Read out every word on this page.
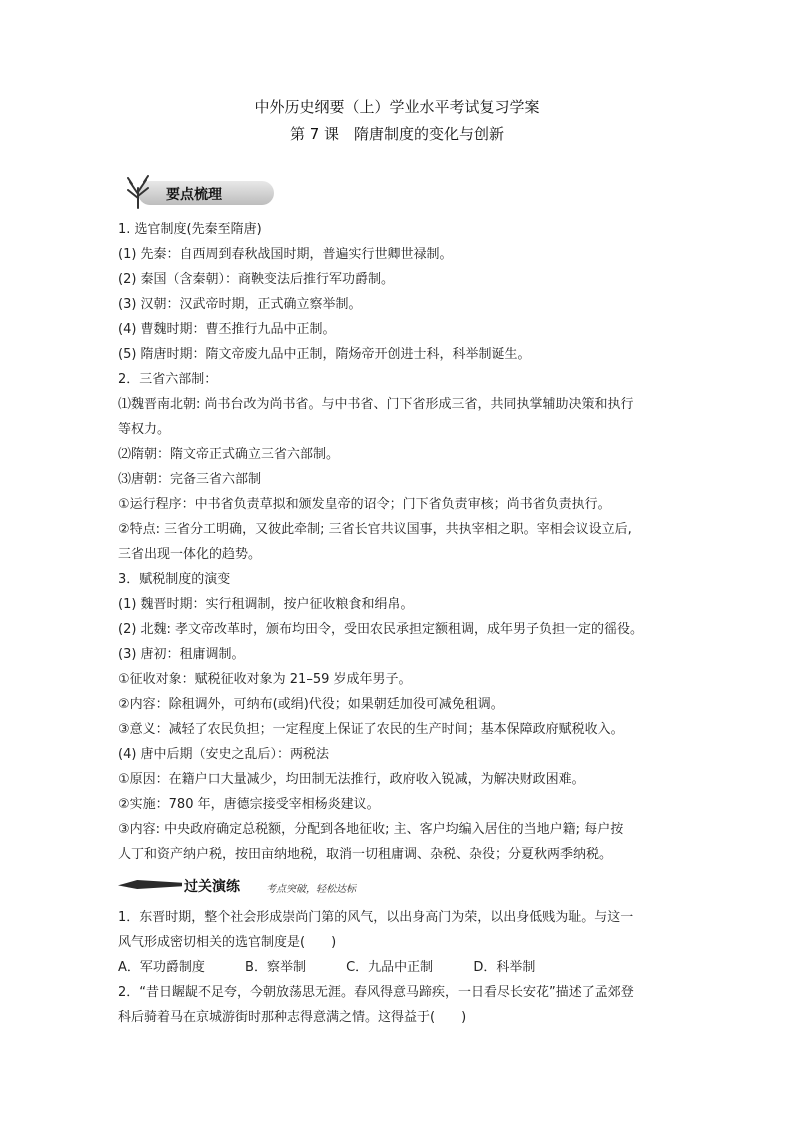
中外历史纲要（上）学业水平考试复习学案
第 7 课　隋唐制度的变化与创新
要点梳理
1. 选官制度(先秦至隋唐)
(1) 先秦：自西周到春秋战国时期，普遍实行世卿世禄制。
(2) 秦国（含秦朝）：商鞅变法后推行军功爵制。
(3) 汉朝：汉武帝时期，正式确立察举制。
(4) 曹魏时期：曹丕推行九品中正制。
(5) 隋唐时期：隋文帝废九品中正制，隋炀帝开创进士科，科举制诞生。
2．三省六部制：
⑴魏晋南北朝: 尚书台改为尚书省。与中书省、门下省形成三省，共同执掌辅助决策和执行
等权力。
⑵隋朝：隋文帝正式确立三省六部制。
⑶唐朝：完备三省六部制
①运行程序：中书省负责草拟和颁发皇帝的诏令；门下省负责审核；尚书省负责执行。
②特点: 三省分工明确，又彼此牵制; 三省长官共议国事，共执宰相之职。宰相会议设立后,
三省出现一体化的趋势。
3．赋税制度的演变
(1) 魏晋时期：实行租调制，按户征收粮食和绢帛。
(2) 北魏: 孝文帝改革时，颁布均田令，受田农民承担定额租调，成年男子负担一定的徭役。
(3) 唐初：租庸调制。
①征收对象：赋税征收对象为 21–59 岁成年男子。
②内容：除租调外，可纳布(或绢)代役；如果朝廷加役可减免租调。
③意义：减轻了农民负担；一定程度上保证了农民的生产时间；基本保障政府赋税收入。
(4) 唐中后期（安史之乱后）：两税法
①原因：在籍户口大量减少，均田制无法推行，政府收入锐减，为解决财政困难。
②实施：780 年，唐德宗接受宰相杨炎建议。
③内容: 中央政府确定总税额，分配到各地征收; 主、客户均编入居住的当地户籍; 每户按
人丁和资产纳户税，按田亩纳地税，取消一切租庸调、杂税、杂役；分夏秋两季纳税。
过关演练	考点突破，轻松达标
1．东晋时期，整个社会形成崇尚门第的风气，以出身高门为荣，以出身低贱为耻。与这一
风气形成密切相关的选官制度是(　　)
A．军功爵制度	B．察举制	C．九品中正制	D．科举制
2．“昔日龌龊不足夸，今朝放荡思无涯。春风得意马蹄疾，一日看尽长安花”描述了孟郊登
科后骑着马在京城游街时那种志得意满之情。这得益于(　　)
